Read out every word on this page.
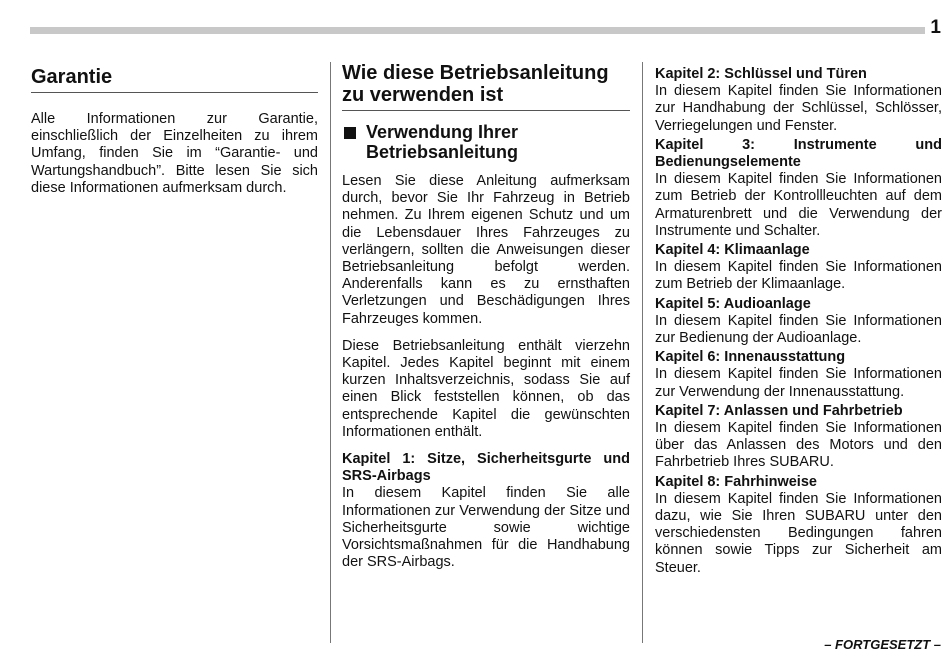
1
Garantie

Alle Informationen zur Garantie, einschließlich der Einzelheiten zu ihrem Umfang, finden Sie im “Garantie- und Wartungshandbuch”. Bitte lesen Sie sich diese Informationen aufmerksam durch.

Wie diese Betriebsanleitung zu verwenden ist
Verwendung Ihrer Betriebsanleitung

Lesen Sie diese Anleitung aufmerksam durch, bevor Sie Ihr Fahrzeug in Betrieb nehmen. Zu Ihrem eigenen Schutz und um die Lebensdauer Ihres Fahrzeuges zu verlängern, sollten die Anweisungen dieser Betriebsanleitung befolgt werden. Anderenfalls kann es zu ernsthaften Verletzungen und Beschädigungen Ihres Fahrzeuges kommen.

Diese Betriebsanleitung enthält vierzehn Kapitel. Jedes Kapitel beginnt mit einem kurzen Inhaltsverzeichnis, sodass Sie auf einen Blick feststellen können, ob das entsprechende Kapitel die gewünschten Informationen enthält.

Kapitel 1: Sitze, Sicherheitsgurte und SRS-Airbags

In diesem Kapitel finden Sie alle Informationen zur Verwendung der Sitze und Sicherheitsgurte sowie wichtige Vorsichtsmaßnahmen für die Handhabung der SRS-Airbags.

Kapitel 2: Schlüssel und Türen

In diesem Kapitel finden Sie Informationen zur Handhabung der Schlüssel, Schlösser, Verriegelungen und Fenster.

Kapitel 3: Instrumente und Bedienungselemente

In diesem Kapitel finden Sie Informationen zum Betrieb der Kontrollleuchten auf dem Armaturenbrett und die Verwendung der Instrumente und Schalter.

Kapitel 4: Klimaanlage

In diesem Kapitel finden Sie Informationen zum Betrieb der Klimaanlage.

Kapitel 5: Audioanlage

In diesem Kapitel finden Sie Informationen zur Bedienung der Audioanlage.

Kapitel 6: Innenausstattung

In diesem Kapitel finden Sie Informationen zur Verwendung der Innenausstattung.

Kapitel 7: Anlassen und Fahrbetrieb

In diesem Kapitel finden Sie Informationen über das Anlassen des Motors und den Fahrbetrieb Ihres SUBARU.

Kapitel 8: Fahrhinweise

In diesem Kapitel finden Sie Informationen dazu, wie Sie Ihren SUBARU unter den verschiedensten Bedingungen fahren können sowie Tipps zur Sicherheit am Steuer.

– FORTGESETZT –
